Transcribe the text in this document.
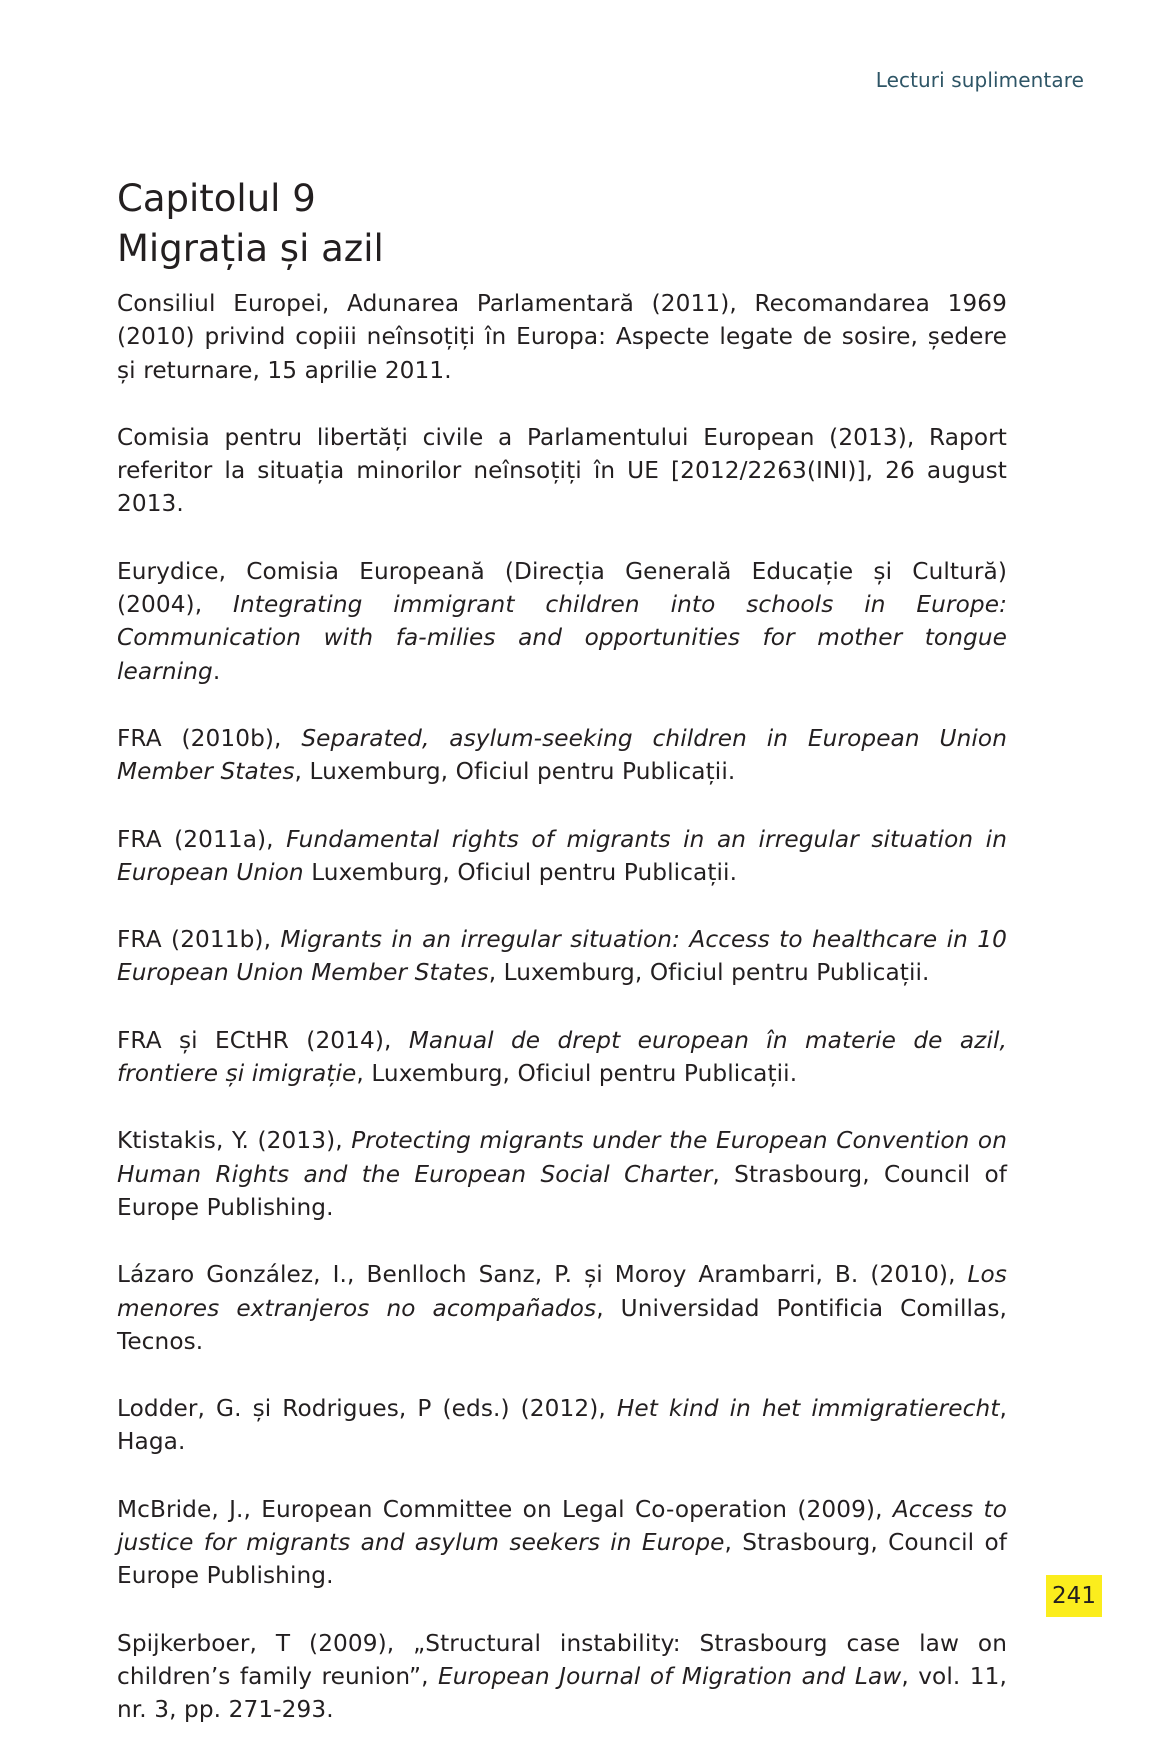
Lecturi suplimentare
Capitolul 9
Migrația și azil
Consiliul Europei, Adunarea Parlamentară (2011), Recomandarea 1969 (2010) privind copiii neînsoțiți în Europa: Aspecte legate de sosire, ședere și returnare, 15 aprilie 2011.
Comisia pentru libertăți civile a Parlamentului European (2013), Raport referitor la situația minorilor neînsoțiți în UE [2012/2263(INI)], 26 august 2013.
Eurydice, Comisia Europeană (Direcția Generală Educație și Cultură) (2004), Integrating immigrant children into schools in Europe: Communication with fa-milies and opportunities for mother tongue learning.
FRA (2010b), Separated, asylum-seeking children in European Union Member States, Luxemburg, Oficiul pentru Publicații.
FRA (2011a), Fundamental rights of migrants in an irregular situation in European Union Luxemburg, Oficiul pentru Publicații.
FRA (2011b), Migrants in an irregular situation: Access to healthcare in 10 European Union Member States, Luxemburg, Oficiul pentru Publicații.
FRA și ECtHR (2014), Manual de drept european în materie de azil, frontiere și imigrație, Luxemburg, Oficiul pentru Publicații.
Ktistakis, Y. (2013), Protecting migrants under the European Convention on Human Rights and the European Social Charter, Strasbourg, Council of Europe Publishing.
Lázaro González, I., Benlloch Sanz, P. și Moroy Arambarri, B. (2010), Los menores extranjeros no acompañados, Universidad Pontificia Comillas, Tecnos.
Lodder, G. și Rodrigues, P (eds.) (2012), Het kind in het immigratierecht, Haga.
McBride, J., European Committee on Legal Co-operation (2009), Access to justice for migrants and asylum seekers in Europe, Strasbourg, Council of Europe Publishing.
Spijkerboer, T (2009), „Structural instability: Strasbourg case law on children’s family reunion”, European Journal of Migration and Law, vol. 11, nr. 3, pp. 271-293.
241
